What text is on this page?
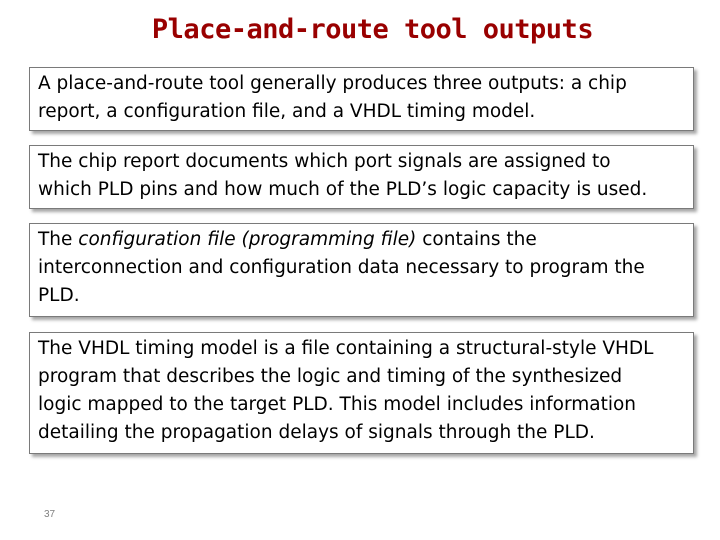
Place-and-route tool outputs
A place-and-route tool generally produces three outputs: a chip
report, a configuration file, and a VHDL timing model.
The chip report documents which port signals are assigned to
which PLD pins and how much of the PLD’s logic capacity is used.
The configuration file (programming file) contains the
interconnection and configuration data necessary to program the
PLD.
The VHDL timing model is a file containing a structural-style VHDL
program that describes the logic and timing of the synthesized
logic mapped to the target PLD. This model includes information
detailing the propagation delays of signals through the PLD.
37
